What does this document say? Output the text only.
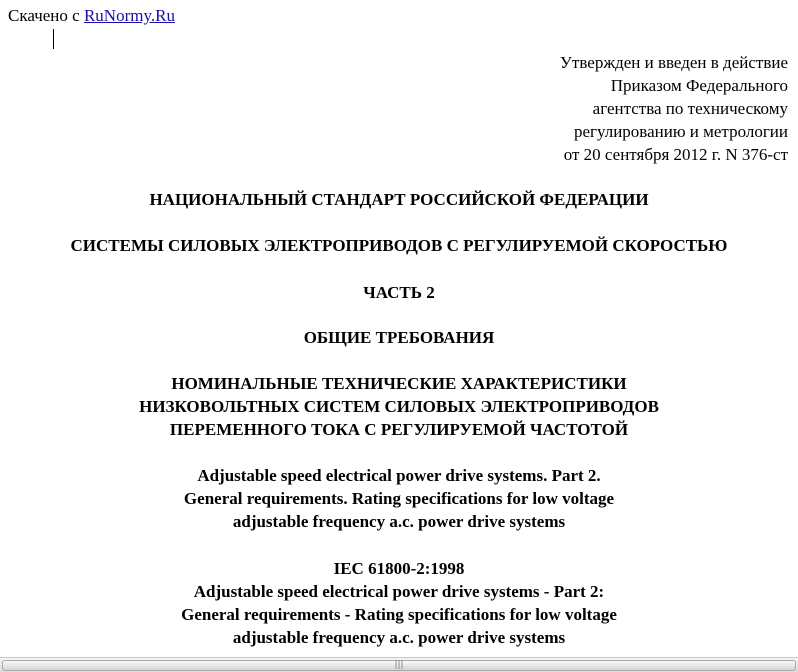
Скачено с RuNormy.Ru
Утвержден и введен в действие
Приказом Федерального
агентства по техническому
регулированию и метрологии
от 20 сентября 2012 г. N 376-ст
НАЦИОНАЛЬНЫЙ СТАНДАРТ РОССИЙСКОЙ ФЕДЕРАЦИИ
СИСТЕМЫ СИЛОВЫХ ЭЛЕКТРОПРИВОДОВ С РЕГУЛИРУЕМОЙ СКОРОСТЬЮ
ЧАСТЬ 2
ОБЩИЕ ТРЕБОВАНИЯ
НОМИНАЛЬНЫЕ ТЕХНИЧЕСКИЕ ХАРАКТЕРИСТИКИ
НИЗКОВОЛЬТНЫХ СИСТЕМ СИЛОВЫХ ЭЛЕКТРОПРИВОДОВ
ПЕРЕМЕННОГО ТОКА С РЕГУЛИРУЕМОЙ ЧАСТОТОЙ
Adjustable speed electrical power drive systems. Part 2.
General requirements. Rating specifications for low voltage
adjustable frequency a.c. power drive systems
IEC 61800-2:1998
Adjustable speed electrical power drive systems - Part 2:
General requirements - Rating specifications for low voltage
adjustable frequency a.c. power drive systems
|||
